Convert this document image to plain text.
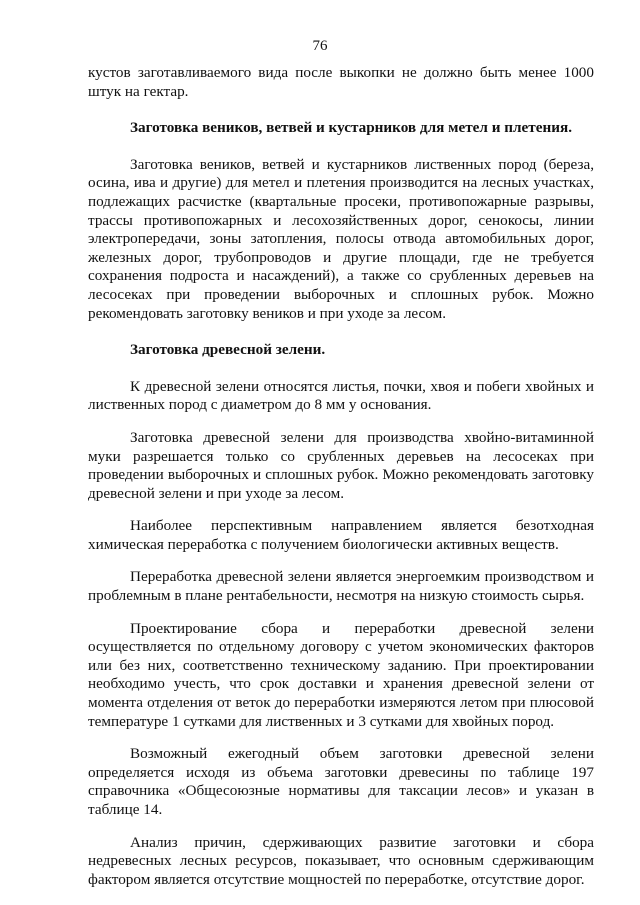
76

кустов заготавливаемого вида после выкопки не должно быть менее 1000 штук на гектар.

Заготовка веников, ветвей и кустарников для метел и плетения.

Заготовка веников, ветвей и кустарников лиственных пород (береза, осина, ива и другие) для метел и плетения производится на лесных участках, подлежащих расчистке (квартальные просеки, противопожарные разрывы, трассы противопожарных и лесохозяйственных дорог, сенокосы, линии электропередачи, зоны затопления, полосы отвода автомобильных дорог, железных дорог, трубопроводов и другие площади, где не требуется сохранения подроста и насаждений), а также со срубленных деревьев на лесосеках при проведении выборочных и сплошных рубок. Можно рекомендовать заготовку веников и при уходе за лесом.

Заготовка древесной зелени.

К древесной зелени относятся листья, почки, хвоя и побеги хвойных и лиственных пород с диаметром до 8 мм у основания.

Заготовка древесной зелени для производства хвойно-витаминной муки разрешается только со срубленных деревьев на лесосеках при проведении выборочных и сплошных рубок. Можно рекомендовать заготовку древесной зелени и при уходе за лесом.

Наиболее перспективным направлением является безотходная химическая переработка с получением биологически активных веществ.

Переработка древесной зелени является энергоемким производством и проблемным в плане рентабельности, несмотря на низкую стоимость сырья.

Проектирование сбора и переработки древесной зелени осуществляется по отдельному договору с учетом экономических факторов или без них, соответственно техническому заданию. При проектировании необходимо учесть, что срок доставки и хранения древесной зелени от момента отделения от веток до переработки измеряются летом при плюсовой температуре 1 сутками для лиственных и 3 сутками для хвойных пород.

Возможный ежегодный объем заготовки древесной зелени определяется исходя из объема заготовки древесины по таблице 197 справочника «Общесоюзные нормативы для таксации лесов» и указан в таблице 14.

Анализ причин, сдерживающих развитие заготовки и сбора недревесных лесных ресурсов, показывает, что основным сдерживающим фактором является отсутствие мощностей по переработке, отсутствие дорог.
